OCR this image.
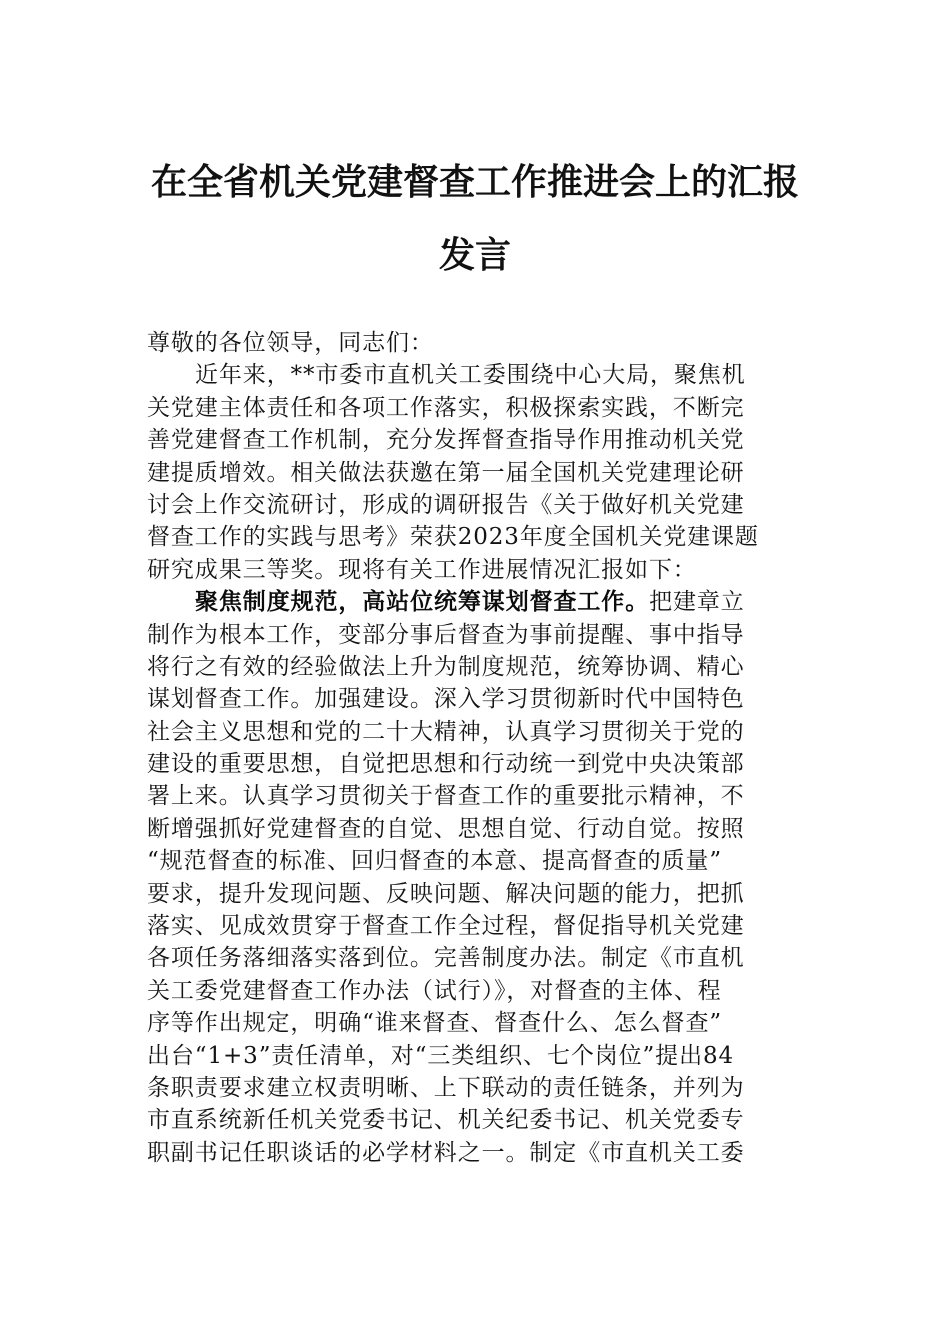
在全省机关党建督查工作推进会上的汇报
发言
尊敬的各位领导，同志们：
近年来，**市委市直机关工委围绕中心大局，聚焦机
关党建主体责任和各项工作落实，积极探索实践，不断完
善党建督查工作机制，充分发挥督查指导作用推动机关党
建提质增效。相关做法获邀在第一届全国机关党建理论研
讨会上作交流研讨，形成的调研报告《关于做好机关党建
督查工作的实践与思考》荣获2023年度全国机关党建课题
研究成果三等奖。现将有关工作进展情况汇报如下：
聚焦制度规范，高站位统筹谋划督查工作。把建章立
制作为根本工作，变部分事后督查为事前提醒、事中指导
将行之有效的经验做法上升为制度规范，统筹协调、精心
谋划督查工作。加强建设。深入学习贯彻新时代中国特色
社会主义思想和党的二十大精神，认真学习贯彻关于党的
建设的重要思想，自觉把思想和行动统一到党中央决策部
署上来。认真学习贯彻关于督查工作的重要批示精神，不
断增强抓好党建督查的自觉、思想自觉、行动自觉。按照
“规范督查的标准、回归督查的本意、提高督查的质量”
要求，提升发现问题、反映问题、解决问题的能力，把抓
落实、见成效贯穿于督查工作全过程，督促指导机关党建
各项任务落细落实落到位。完善制度办法。制定《市直机
关工委党建督查工作办法（试行）》，对督查的主体、程
序等作出规定，明确“谁来督查、督查什么、怎么督查”
出台“1+3”责任清单，对“三类组织、七个岗位”提出84
条职责要求建立权责明晰、上下联动的责任链条，并列为
市直系统新任机关党委书记、机关纪委书记、机关党委专
职副书记任职谈话的必学材料之一。制定《市直机关工委
